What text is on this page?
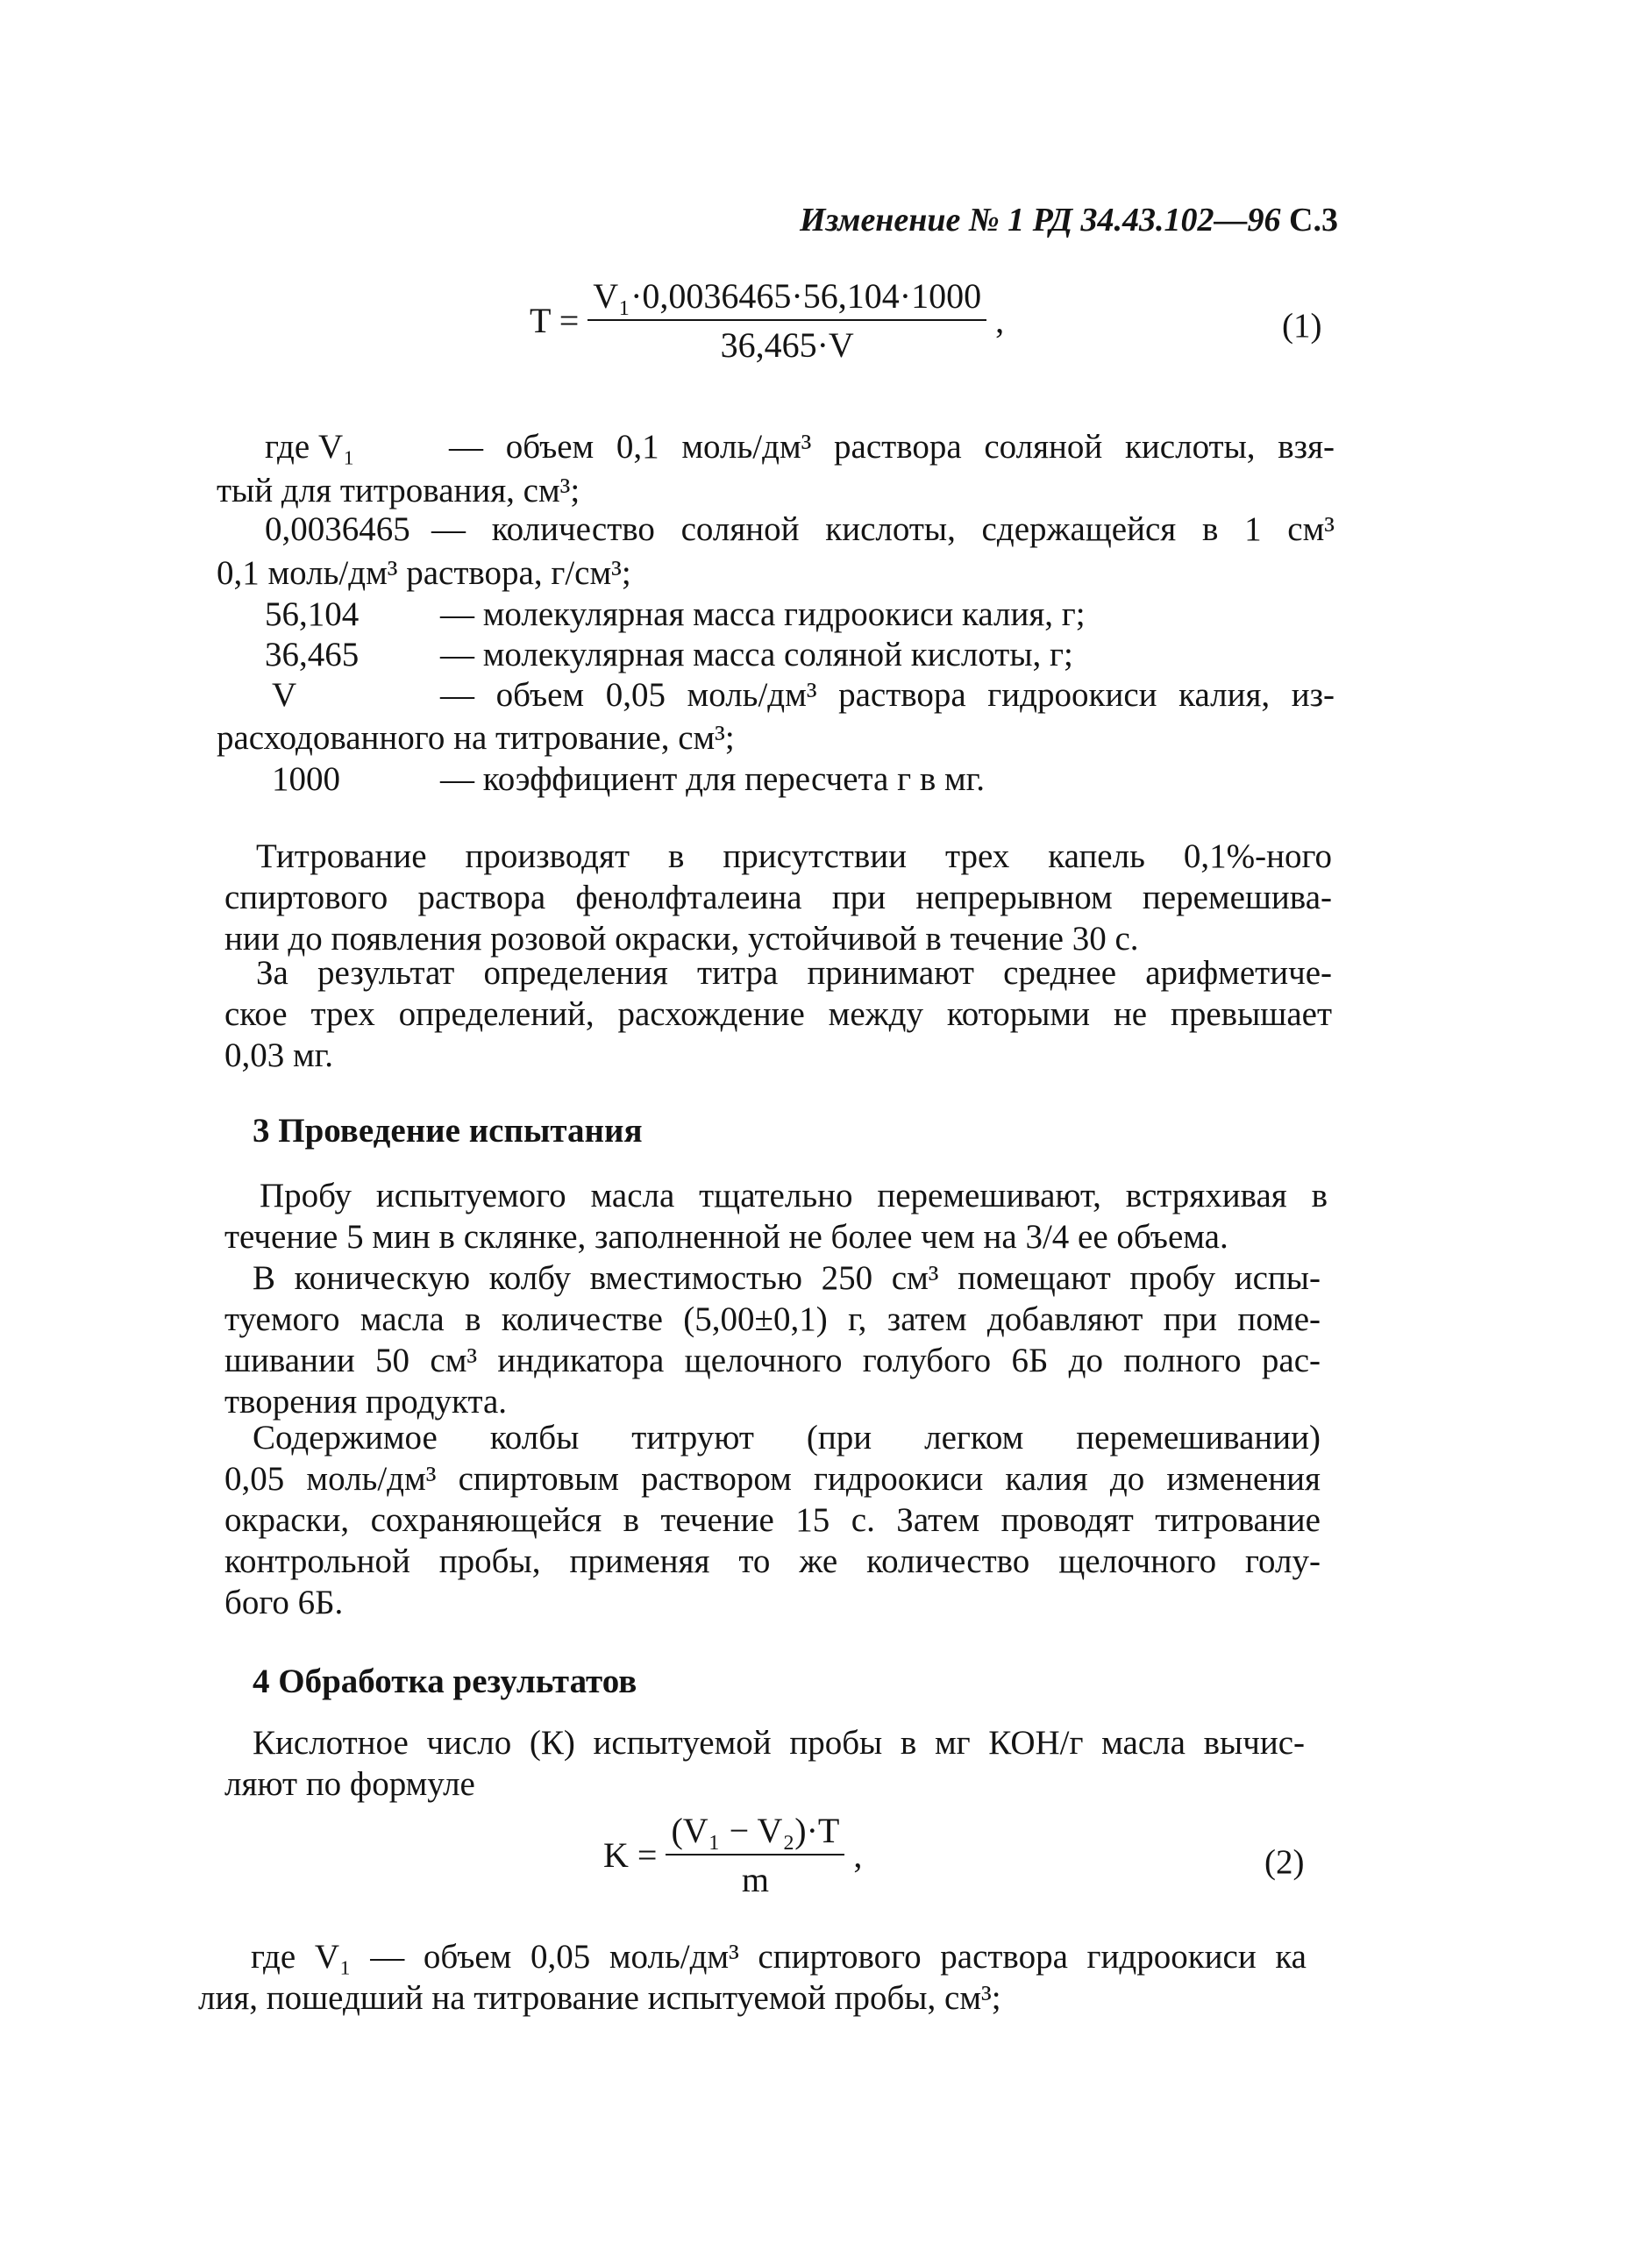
Изменение № 1 РД 34.43.102—96 С.3
$T = \frac{\text{V₁·0,0036465·56,104·1000}}{36,465\cdot V}$ ,	(1)
где V₁	— объем 0,1 моль/дм³ раствора соляной кислоты, взя-
тый для титрования, см³;
0,0036465 — количество соляной кислоты, сдержащейся в 1 см³
0,1 моль/дм³ раствора, г/см³;
56,104 — молекулярная масса гидроокиси калия, г;
36,465 — молекулярная масса соляной кислоты, г;
V	— объем 0,05 моль/дм³ раствора гидроокиси калия, из-
расходованного на титрование, см³;
1000	— коэффициент для пересчета г в мг.
Титрование производят в присутствии трех капель 0,1%-ного
спиртового раствора фенолфталеина при непрерывном перемешива-
нии до появления розовой окраски, устойчивой в течение 30 с.
За результат определения титра принимают среднее арифметиче-
ское трех определений, расхождение между которыми не превышает
0,03 мг.
3 Проведение испытания
Пробу испытуемого масла тщательно перемешивают, встряхивая в
течение 5 мин в склянке, заполненной не более чем на 3/4 ее объема.
В коническую колбу вместимостью 250 см³ помещают пробу испы-
туемого масла в количестве (5,00±0,1) г, затем добавляют при поме-
шивании 50 см³ индикатора щелочного голубого 6Б до полного рас-
творения продукта.
Содержимое колбы титруют (при легком перемешивании)
0,05 моль/дм³ спиртовым раствором гидроокиси калия до изменения
окраски, сохраняющейся в течение 15 с. Затем проводят титрование
контрольной пробы, применяя то же количество щелочного голу-
бого 6Б.
4 Обработка результатов
Кислотное число (К) испытуемой пробы в мг КОН/г масла вычис-
ляют по формуле
$K = \frac{\text{(V₁ − V₂)·T}}{m}$ ,	(2)
где V₁ — объем 0,05 моль/дм³ спиртового раствора гидроокиси ка
лия, пошедший на титрование испытуемой пробы, см³;
